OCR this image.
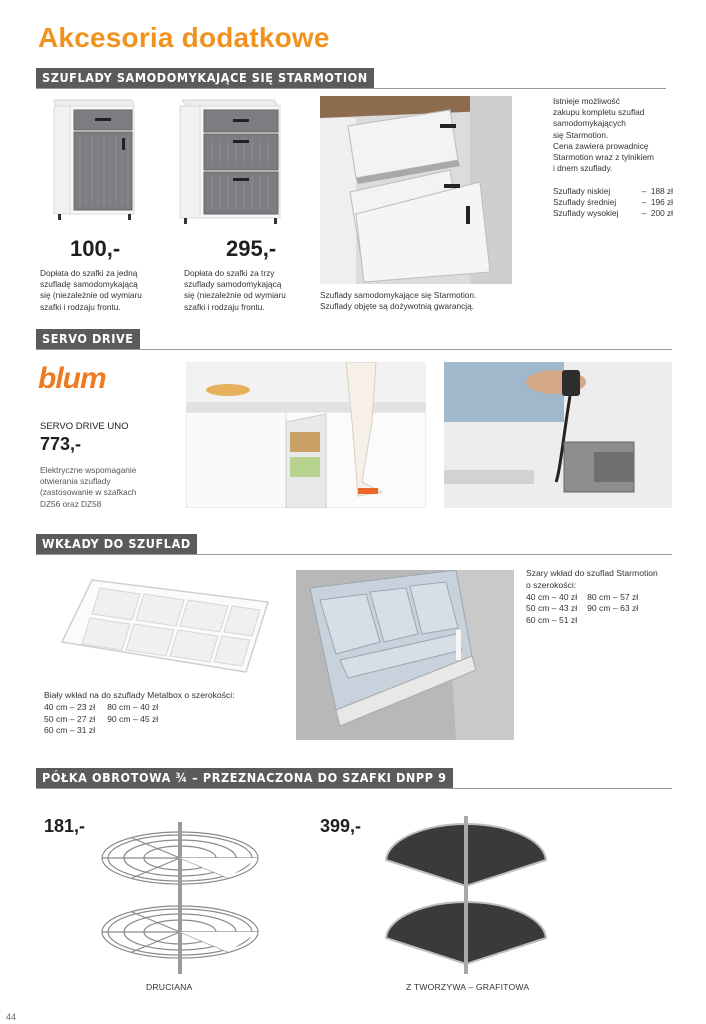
Akcesoria dodatkowe
SZUFLADY SAMODOMYKAJĄCE SIĘ STARMOTION
100,-
Dopłata do szafki za jedną
szufladę samodomykającą
się (niezależnie od wymiaru
szafki i rodzaju frontu.
295,-
Dopłata do szafki za trzy
szuflady samodomykającą
się (niezależnie od wymiaru
szafki i rodzaju frontu.
Szuflady samodomykające się Starmotion.
Szuflady objęte są dożywotnią gwarancją.
Istnieje możliwość
zakupu kompletu szuflad
samodomykających
się Starmotion.
Cena zawiera prowadnicę
Starmotion wraz z tylnikiem
i dnem szuflady.
Szuflady niskiej	– 188 zł
Szuflady średniej	– 196 zł
Szuflady wysokiej	– 200 zł
SERVO DRIVE
blum
SERVO DRIVE UNO
773,-
Elektryczne wspomaganie
otwierania szuflady
(zastosowanie w szafkach
DZ56 oraz DZ58
WKŁADY DO SZUFLAD
Biały wkład na do szuflady Metalbox o szerokości:
40 cm – 23 zł 80 cm – 40 zł
50 cm – 27 zł 90 cm – 45 zł
60 cm – 31 zł
Szary wkład do szuflad Starmotion
o szerokości:
40 cm – 40 zł 80 cm – 57 zł
50 cm – 43 zł 90 cm – 63 zł
60 cm – 51 zł
PÓŁKA OBROTOWA ¾ – PRZEZNACZONA DO SZAFKI DNPP 9
181,-
DRUCIANA
399,-
Z TWORZYWA – GRAFITOWA
44
